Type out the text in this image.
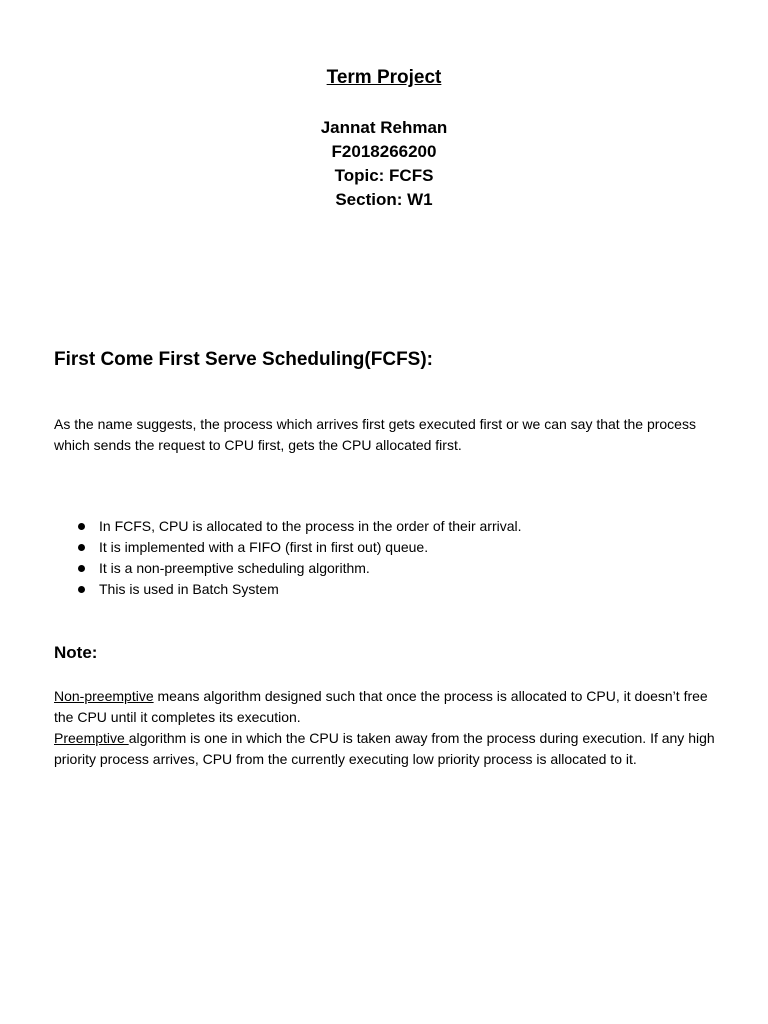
Term Project
Jannat Rehman
F2018266200
Topic: FCFS
Section: W1
First Come First Serve Scheduling(FCFS):

As the name suggests, the process which arrives first gets executed first or we can say that the process which sends the request to CPU first, gets the CPU allocated first.

In FCFS, CPU is allocated to the process in the order of their arrival.
It is implemented with a FIFO (first in first out) queue.
It is a non-preemptive scheduling algorithm.
This is used in Batch System
Note:

Non-preemptive means algorithm designed such that once the process is allocated to CPU, it doesn’t free the CPU until it completes its execution.

Preemptive algorithm is one in which the CPU is taken away from the process during execution. If any high priority process arrives, CPU from the currently executing low priority process is allocated to it.
